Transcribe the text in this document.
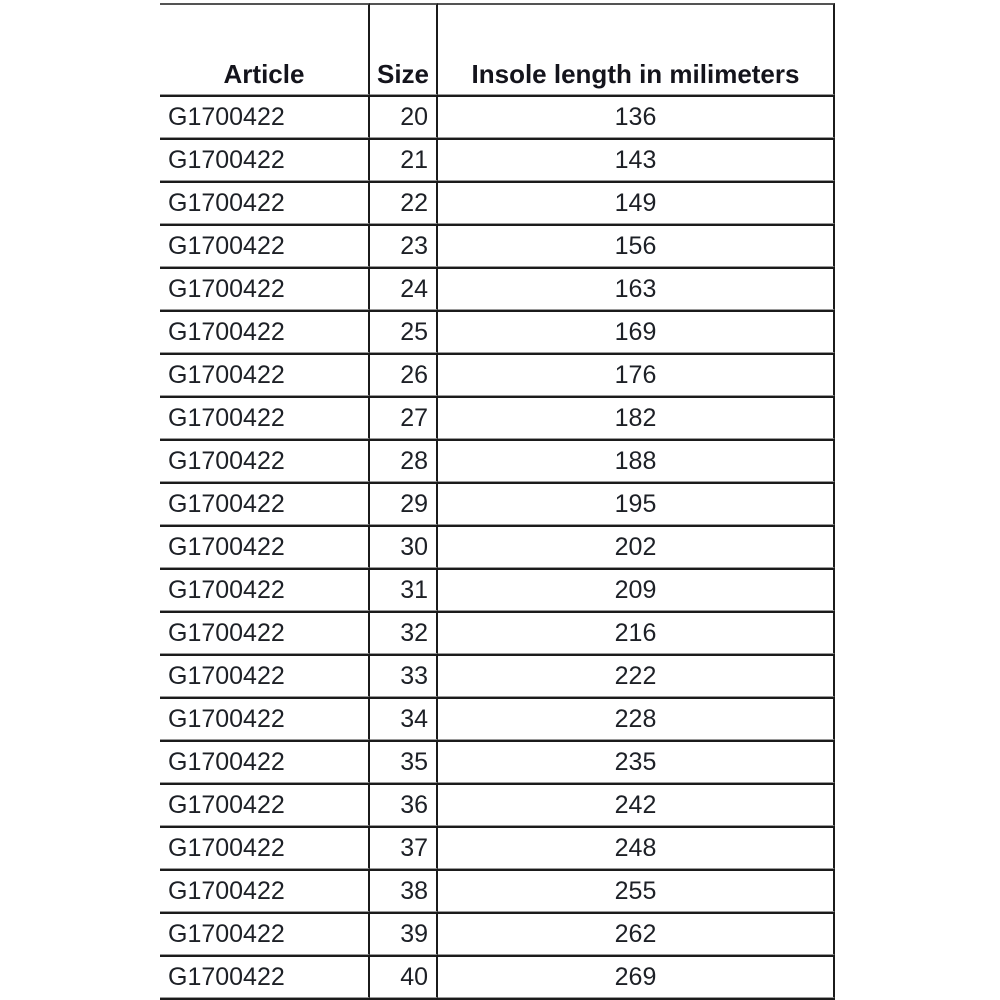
Article	Size	Insole length in milimeters
G1700422	20	136
G1700422	21	143
G1700422	22	149
G1700422	23	156
G1700422	24	163
G1700422	25	169
G1700422	26	176
G1700422	27	182
G1700422	28	188
G1700422	29	195
G1700422	30	202
G1700422	31	209
G1700422	32	216
G1700422	33	222
G1700422	34	228
G1700422	35	235
G1700422	36	242
G1700422	37	248
G1700422	38	255
G1700422	39	262
G1700422	40	269
